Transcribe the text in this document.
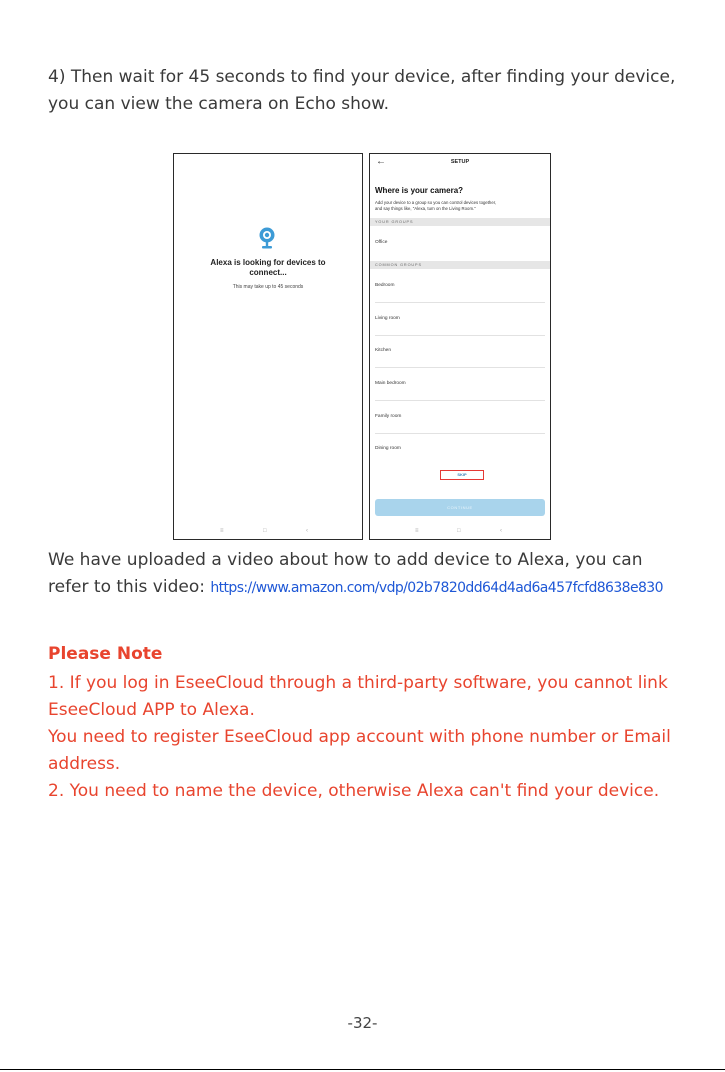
4) Then wait for 45 seconds to find your device, after finding your device,
you can view the camera on Echo show.
Alexa is looking for devices to
connect...
This may take up to 45 seconds
≡	□	‹
←	SETUP
Where is your camera?
Add your device to a group so you can control devices together,
and say things like, "Alexa, turn on the Living Room."
YOUR GROUPS
Office
COMMON GROUPS
Bedroom
Living room
Kitchen
Main bedroom
Family room
Dining room
SKIP
CONTINUE
≡	□	‹
We have uploaded a video about how to add device to Alexa, you can
refer to this video: https://www.amazon.com/vdp/02b7820dd64d4ad6a457fcfd8638e830
Please Note
1. If you log in EseeCloud through a third-party software, you cannot link
EseeCloud APP to Alexa.
You need to register EseeCloud app account with phone number or Email
address.
2. You need to name the device, otherwise Alexa can't find your device.
-32-
